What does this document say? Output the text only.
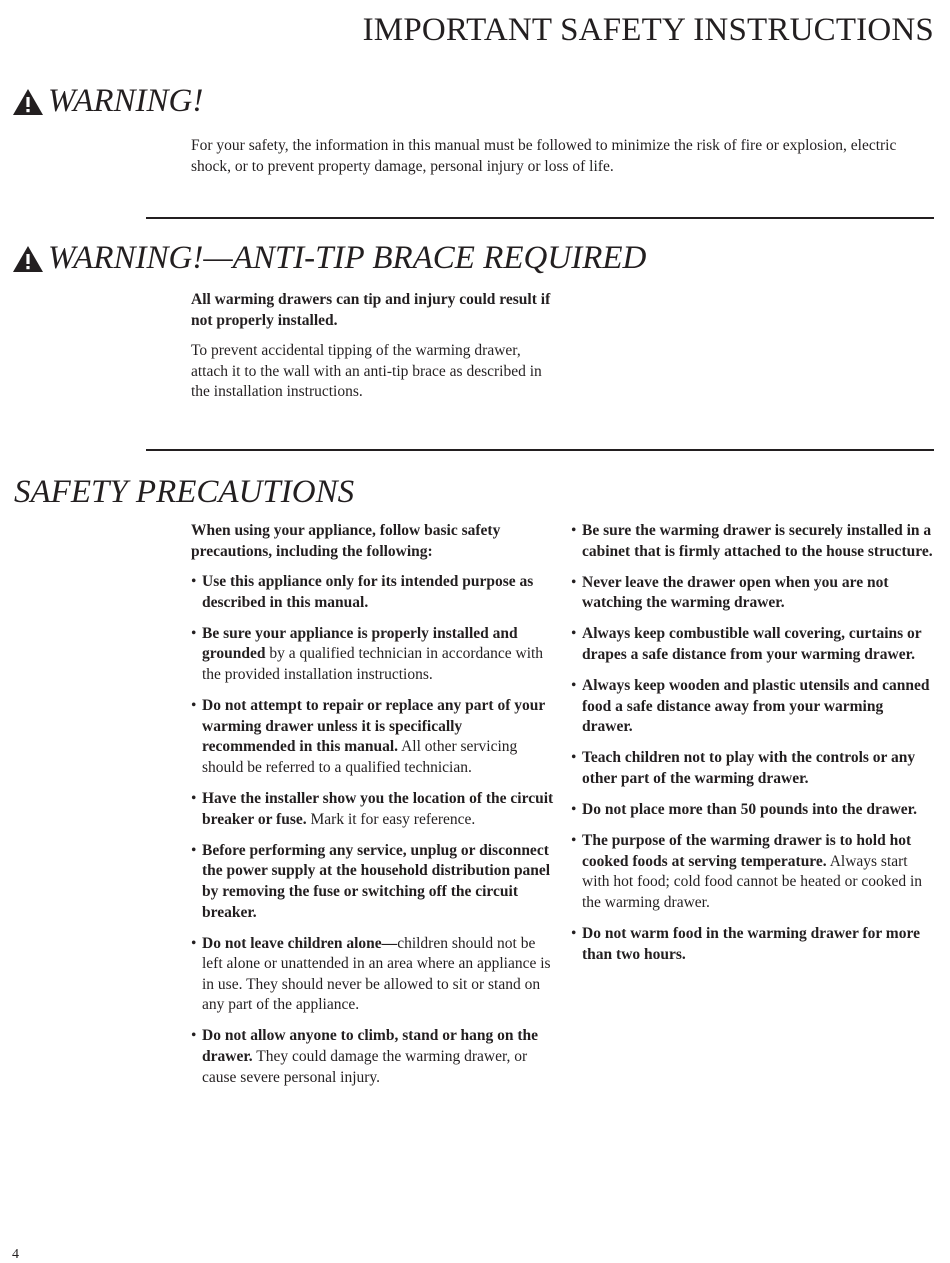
IMPORTANT SAFETY INSTRUCTIONS
WARNING!

For your safety, the information in this manual must be followed to minimize the risk of fire or explosion, electric shock, or to prevent property damage, personal injury or loss of life.

WARNING!—ANTI-TIP BRACE REQUIRED

All warming drawers can tip and injury could result if not properly installed.

To prevent accidental tipping of the warming drawer, attach it to the wall with an anti-tip brace as described in the installation instructions.

SAFETY PRECAUTIONS

When using your appliance, follow basic safety precautions, including the following:

• Use this appliance only for its intended purpose as described in this manual.
• Be sure your appliance is properly installed and grounded by a qualified technician in accordance with the provided installation instructions.
• Do not attempt to repair or replace any part of your warming drawer unless it is specifically recommended in this manual. All other servicing should be referred to a qualified technician.
• Have the installer show you the location of the circuit breaker or fuse. Mark it for easy reference.
• Before performing any service, unplug or disconnect the power supply at the household distribution panel by removing the fuse or switching off the circuit breaker.
• Do not leave children alone—children should not be left alone or unattended in an area where an appliance is in use. They should never be allowed to sit or stand on any part of the appliance.
• Do not allow anyone to climb, stand or hang on the drawer. They could damage the warming drawer, or cause severe personal injury.
• Be sure the warming drawer is securely installed in a cabinet that is firmly attached to the house structure.
• Never leave the drawer open when you are not watching the warming drawer.
• Always keep combustible wall covering, curtains or drapes a safe distance from your warming drawer.
• Always keep wooden and plastic utensils and canned food a safe distance away from your warming drawer.
• Teach children not to play with the controls or any other part of the warming drawer.
• Do not place more than 50 pounds into the drawer.
• The purpose of the warming drawer is to hold hot cooked foods at serving temperature. Always start with hot food; cold food cannot be heated or cooked in the warming drawer.
• Do not warm food in the warming drawer for more than two hours.
4
